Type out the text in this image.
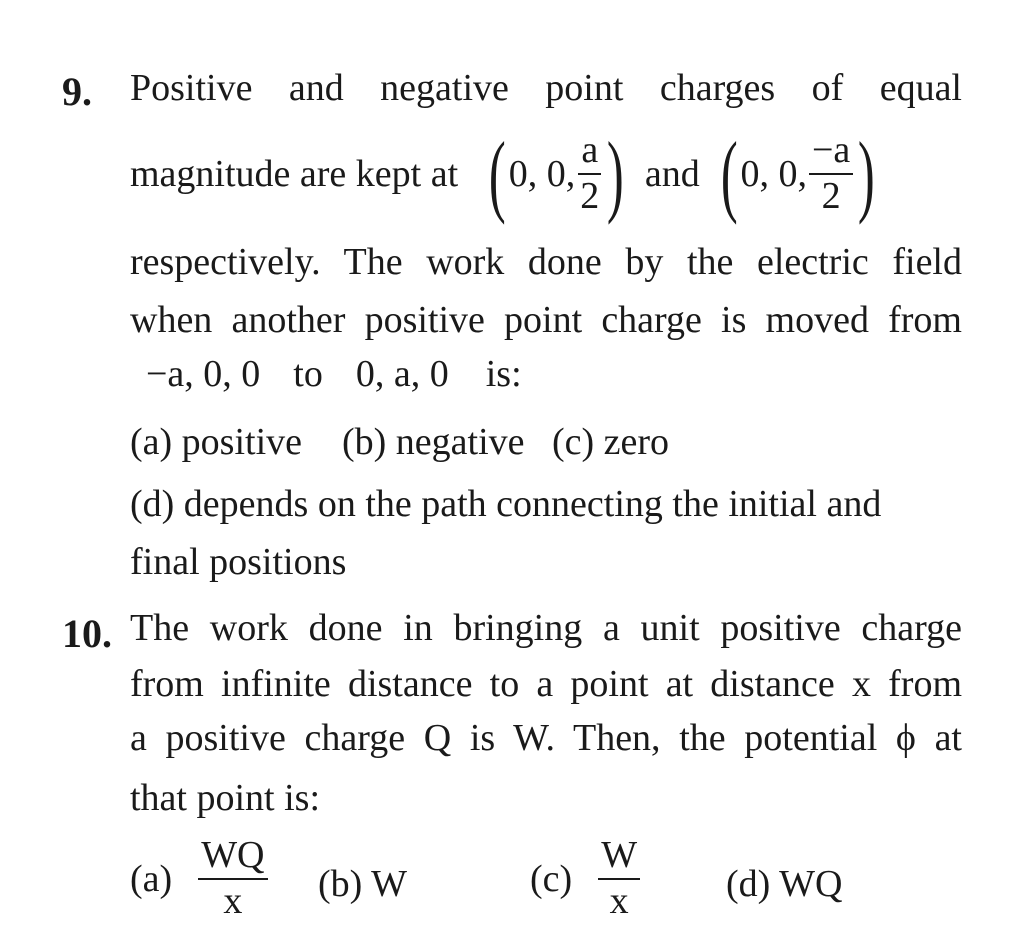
9. Positive and negative point charges of equal
magnitude are kept at ( 0, 0, $\frac{a}{2}$ ) and ( 0, 0, $\frac{-a}{2}$ )
respectively. The work done by the electric field
when another positive point charge is moved from
−a, 0, 0 to 0, a, 0 is:
(a) positive (b) negative (c) zero
(d) depends on the path connecting the initial and
final positions
10. The work done in bringing a unit positive charge
from infinite distance to a point at distance x from
a positive charge Q is W. Then, the potential ϕ at
that point is:
$(a) \frac{WQ}{x} (b)$ W	$(c) \frac{W}{x} (d)$ WQ
